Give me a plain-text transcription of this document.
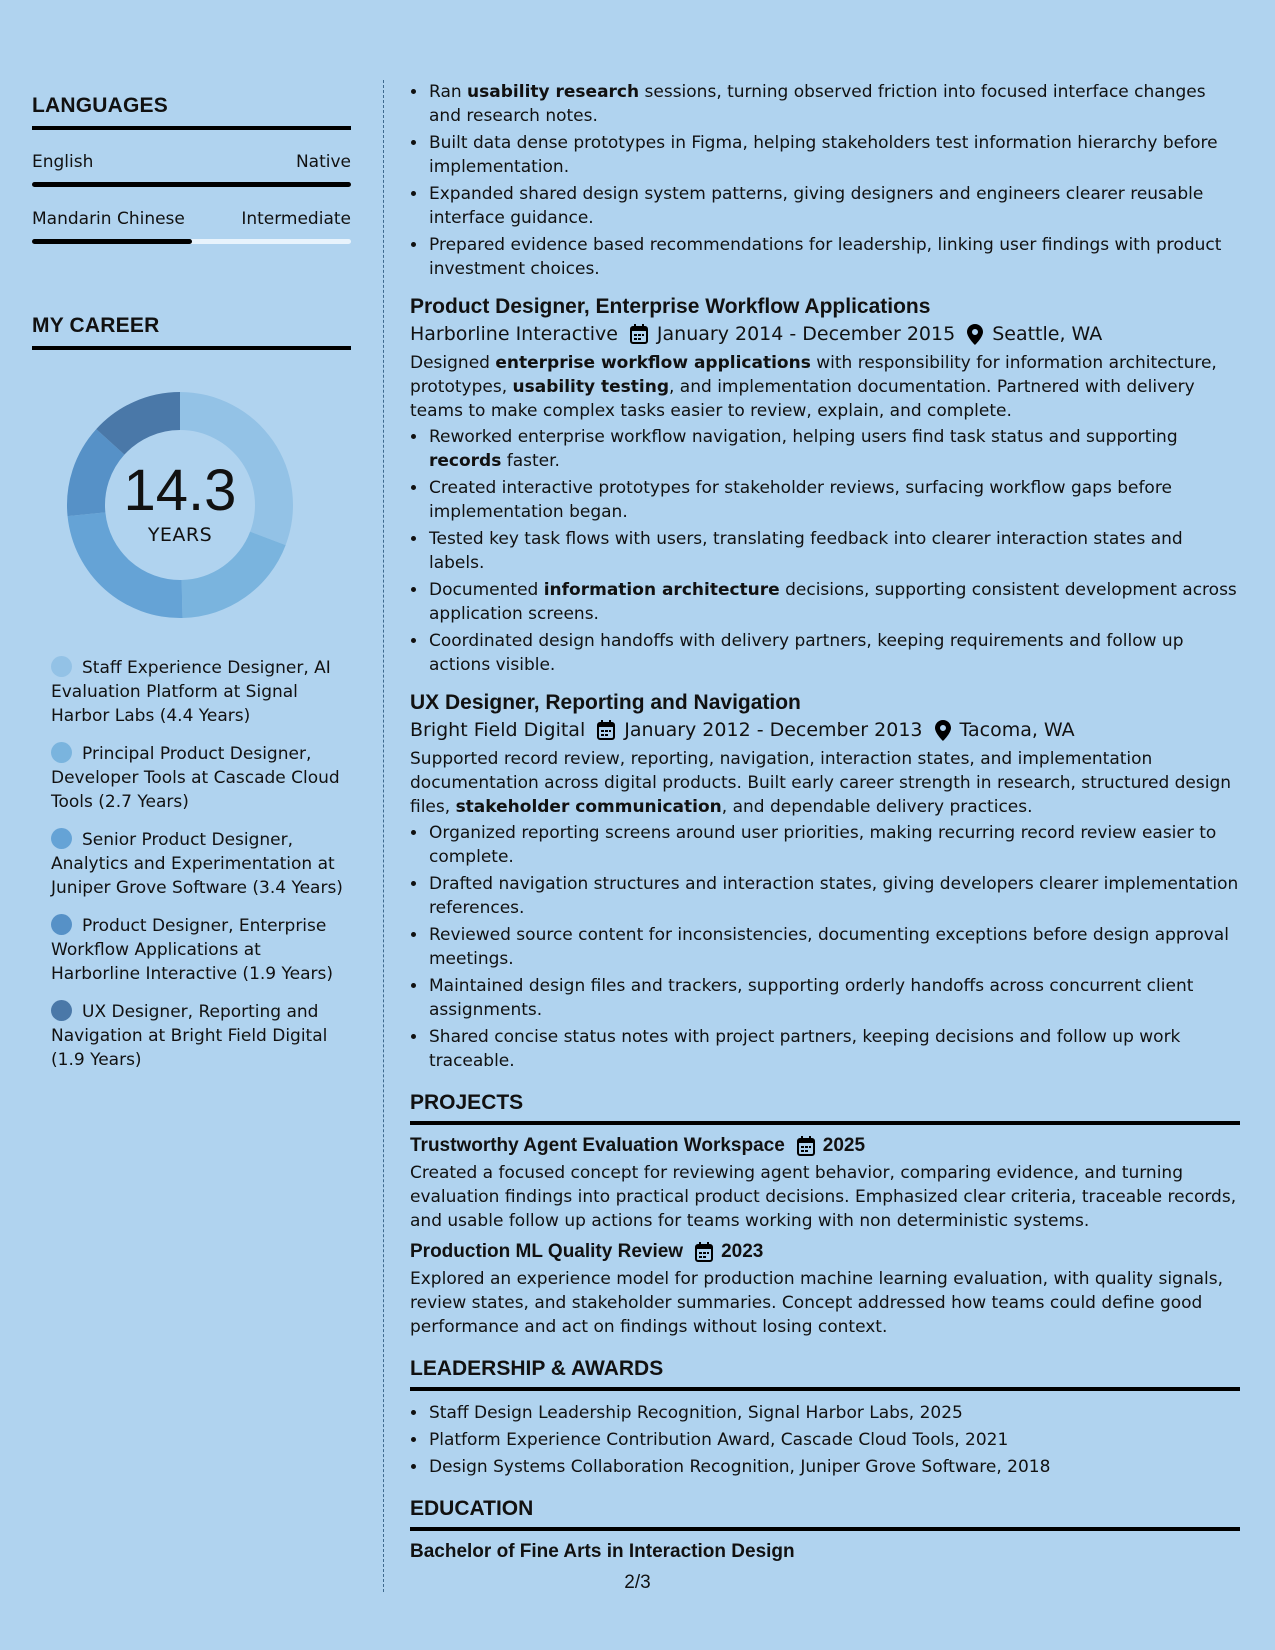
LANGUAGES
English	Native
Mandarin Chinese	Intermediate
MY CAREER
14.3
YEARS
Staff Experience Designer, AI Evaluation Platform at Signal Harbor Labs (4.4 Years)
Principal Product Designer, Developer Tools at Cascade Cloud Tools (2.7 Years)
Senior Product Designer, Analytics and Experimentation at Juniper Grove Software (3.4 Years)
Product Designer, Enterprise Workflow Applications at Harborline Interactive (1.9 Years)
UX Designer, Reporting and Navigation at Bright Field Digital (1.9 Years)
• Ran usability research sessions, turning observed friction into focused interface changes and research notes.
• Built data dense prototypes in Figma, helping stakeholders test information hierarchy before implementation.
• Expanded shared design system patterns, giving designers and engineers clearer reusable interface guidance.
• Prepared evidence based recommendations for leadership, linking user findings with product investment choices.
Product Designer, Enterprise Workflow Applications
Harborline Interactive January 2014 - December 2015 Seattle, WA

Designed enterprise workflow applications with responsibility for information architecture, prototypes, usability testing, and implementation documentation. Partnered with delivery teams to make complex tasks easier to review, explain, and complete.

• Reworked enterprise workflow navigation, helping users find task status and supporting records faster.
• Created interactive prototypes for stakeholder reviews, surfacing workflow gaps before implementation began.
• Tested key task flows with users, translating feedback into clearer interaction states and labels.
• Documented information architecture decisions, supporting consistent development across application screens.
• Coordinated design handoffs with delivery partners, keeping requirements and follow up actions visible.
UX Designer, Reporting and Navigation
Bright Field Digital January 2012 - December 2013 Tacoma, WA

Supported record review, reporting, navigation, interaction states, and implementation documentation across digital products. Built early career strength in research, structured design files, stakeholder communication, and dependable delivery practices.

• Organized reporting screens around user priorities, making recurring record review easier to complete.
• Drafted navigation structures and interaction states, giving developers clearer implementation references.
• Reviewed source content for inconsistencies, documenting exceptions before design approval meetings.
• Maintained design files and trackers, supporting orderly handoffs across concurrent client assignments.
• Shared concise status notes with project partners, keeping decisions and follow up work traceable.
PROJECTS
Trustworthy Agent Evaluation Workspace 2025

Created a focused concept for reviewing agent behavior, comparing evidence, and turning evaluation findings into practical product decisions. Emphasized clear criteria, traceable records, and usable follow up actions for teams working with non deterministic systems.

Production ML Quality Review 2023

Explored an experience model for production machine learning evaluation, with quality signals, review states, and stakeholder summaries. Concept addressed how teams could define good performance and act on findings without losing context.

LEADERSHIP & AWARDS
• Staff Design Leadership Recognition, Signal Harbor Labs, 2025
• Platform Experience Contribution Award, Cascade Cloud Tools, 2021
• Design Systems Collaboration Recognition, Juniper Grove Software, 2018
EDUCATION
Bachelor of Fine Arts in Interaction Design
2/3
